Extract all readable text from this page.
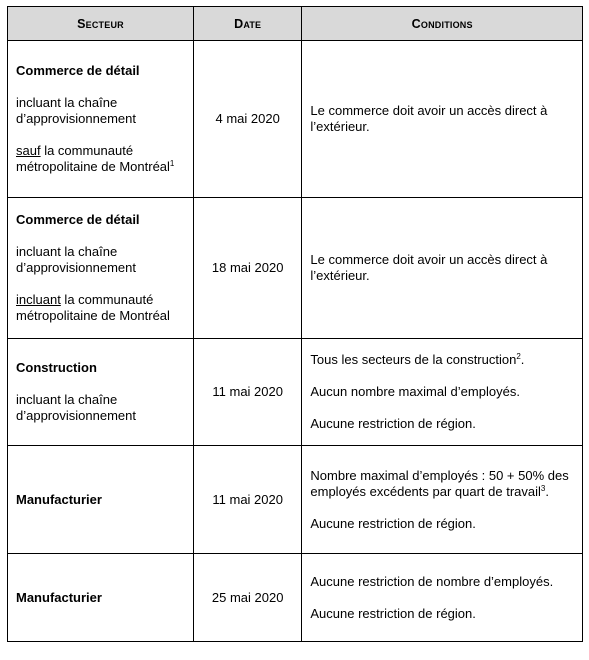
Secteur	Date	Conditions

Commerce de détail
incluant la chaîne d’approvisionnement
sauf la communauté métropolitaine de Montréal$^1$	4 mai 2020	Le commerce doit avoir un accès direct à l’extérieur.

Commerce de détail
incluant la chaîne d’approvisionnement
incluant la communauté métropolitaine de Montréal	18 mai 2020	Le commerce doit avoir un accès direct à l’extérieur.

Construction
incluant la chaîne d’approvisionnement	11 mai 2020	Tous les secteurs de la construction$^2$.
Aucun nombre maximal d’employés.
Aucune restriction de région.

Manufacturier	11 mai 2020	Nombre maximal d’employés : 50 + 50% des employés excédents par quart de travail$^3$.
Aucune restriction de région.

Manufacturier	25 mai 2020	Aucune restriction de nombre d’employés.
Aucune restriction de région.
